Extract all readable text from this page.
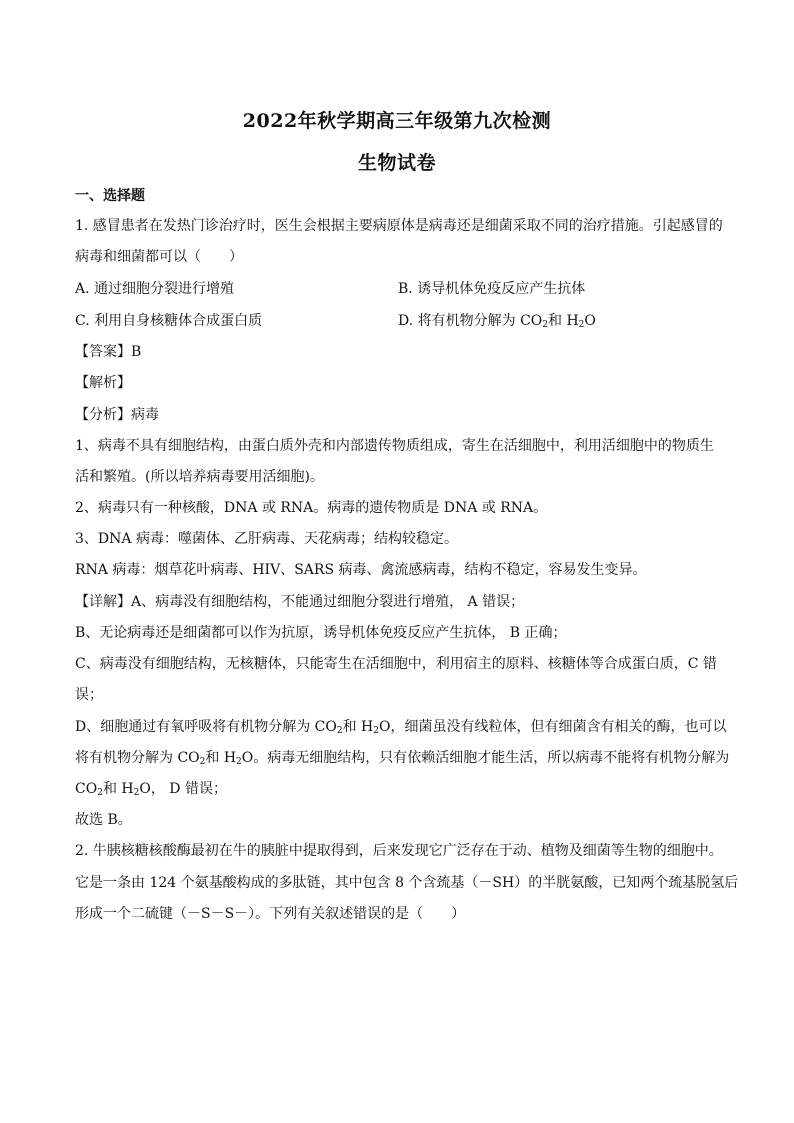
2022年秋学期高三年级第九次检测
生物试卷
一、选择题
1. 感冒患者在发热门诊治疗时，医生会根据主要病原体是病毒还是细菌采取不同的治疗措施。引起感冒的
病毒和细菌都可以（　　）
A. 通过细胞分裂进行增殖	B. 诱导机体免疫反应产生抗体
C. 利用自身核糖体合成蛋白质	D. 将有机物分解为 $CO_2$和 $H_2O$
【答案】B
【解析】
【分析】病毒
1、病毒不具有细胞结构，由蛋白质外壳和内部遗传物质组成，寄生在活细胞中，利用活细胞中的物质生
活和繁殖。(所以培养病毒要用活细胞)。
2、病毒只有一种核酸，DNA 或 RNA。病毒的遗传物质是 DNA 或 RNA。
3、DNA 病毒：噬菌体、乙肝病毒、天花病毒；结构较稳定。
RNA 病毒：烟草花叶病毒、HIV、SARS 病毒、禽流感病毒，结构不稳定，容易发生变异。
【详解】A、病毒没有细胞结构，不能通过细胞分裂进行增殖， A 错误；
B、无论病毒还是细菌都可以作为抗原，诱导机体免疫反应产生抗体， B 正确；
C、病毒没有细胞结构，无核糖体，只能寄生在活细胞中，利用宿主的原料、核糖体等合成蛋白质，C 错
误；
D、细胞通过有氧呼吸将有机物分解为 $CO_2$和 $H_2O$，细菌虽没有线粒体，但有细菌含有相关的酶，也可以
将有机物分解为 $CO_2$和 $H_2O$。病毒无细胞结构，只有依赖活细胞才能生活，所以病毒不能将有机物分解为
$CO_2$和 $H_2O$， D 错误；
故选 B。
2. 牛胰核糖核酸酶最初在牛的胰脏中提取得到，后来发现它广泛存在于动、植物及细菌等生物的细胞中。
它是一条由 124 个氨基酸构成的多肽链，其中包含 8 个含巯基（－SH）的半胱氨酸，已知两个巯基脱氢后
形成一个二硫键（－S－S－）。下列有关叙述错误的是（　　）
